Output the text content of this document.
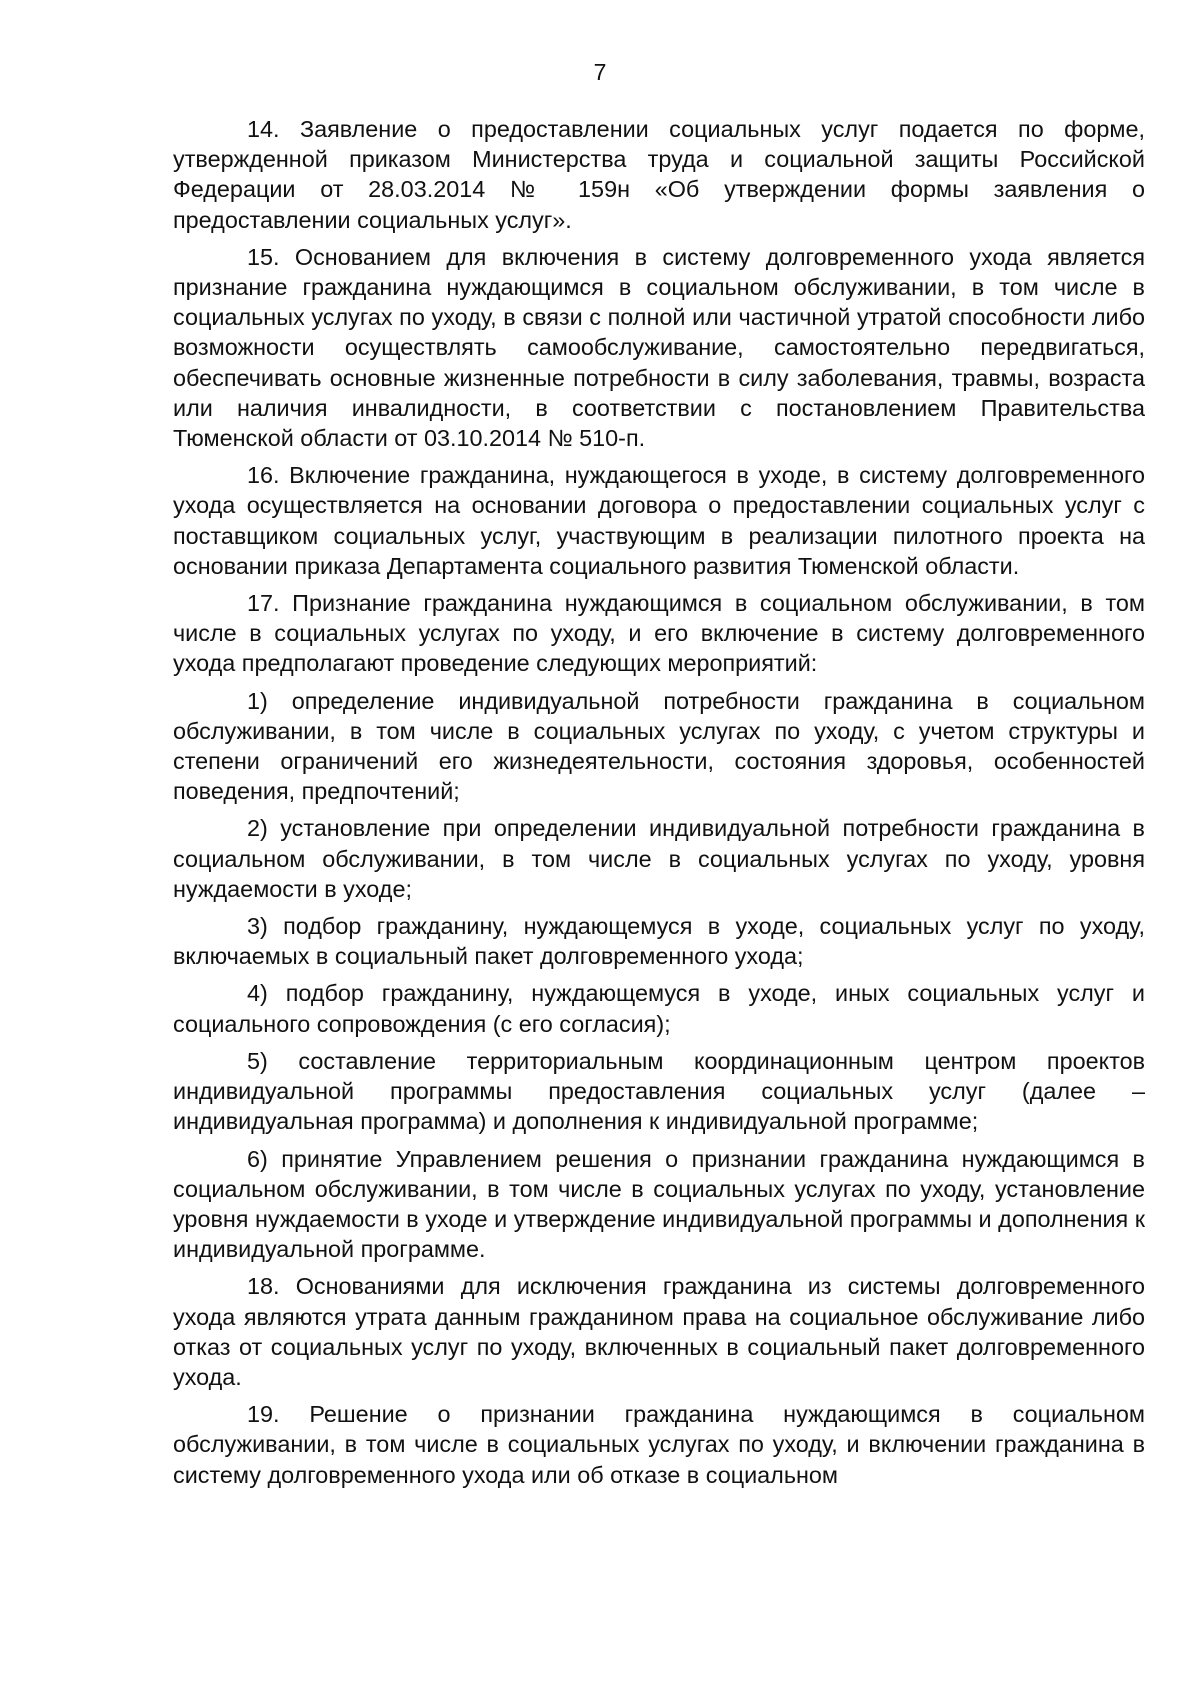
7

14. Заявление о предоставлении социальных услуг подается по форме, утвержденной приказом Министерства труда и социальной защиты Российской Федерации от 28.03.2014 № 159н «Об утверждении формы заявления о предоставлении социальных услуг».

15. Основанием для включения в систему долговременного ухода является признание гражданина нуждающимся в социальном обслуживании, в том числе в социальных услугах по уходу, в связи с полной или частичной утратой способности либо возможности осуществлять самообслуживание, самостоятельно передвигаться, обеспечивать основные жизненные потребности в силу заболевания, травмы, возраста или наличия инвалидности, в соответствии с постановлением Правительства Тюменской области от 03.10.2014 № 510-п.

16. Включение гражданина, нуждающегося в уходе, в систему долговременного ухода осуществляется на основании договора о предоставлении социальных услуг с поставщиком социальных услуг, участвующим в реализации пилотного проекта на основании приказа Департамента социального развития Тюменской области.

17. Признание гражданина нуждающимся в социальном обслуживании, в том числе в социальных услугах по уходу, и его включение в систему долговременного ухода предполагают проведение следующих мероприятий:

1) определение индивидуальной потребности гражданина в социальном обслуживании, в том числе в социальных услугах по уходу, с учетом структуры и степени ограничений его жизнедеятельности, состояния здоровья, особенностей поведения, предпочтений;

2) установление при определении индивидуальной потребности гражданина в социальном обслуживании, в том числе в социальных услугах по уходу, уровня нуждаемости в уходе;

3) подбор гражданину, нуждающемуся в уходе, социальных услуг по уходу, включаемых в социальный пакет долговременного ухода;

4) подбор гражданину, нуждающемуся в уходе, иных социальных услуг и социального сопровождения (с его согласия);

5) составление территориальным координационным центром проектов индивидуальной программы предоставления социальных услуг (далее – индивидуальная программа) и дополнения к индивидуальной программе;

6) принятие Управлением решения о признании гражданина нуждающимся в социальном обслуживании, в том числе в социальных услугах по уходу, установление уровня нуждаемости в уходе и утверждение индивидуальной программы и дополнения к индивидуальной программе.

18. Основаниями для исключения гражданина из системы долговременного ухода являются утрата данным гражданином права на социальное обслуживание либо отказ от социальных услуг по уходу, включенных в социальный пакет долговременного ухода.

19. Решение о признании гражданина нуждающимся в социальном обслуживании, в том числе в социальных услугах по уходу, и включении гражданина в систему долговременного ухода или об отказе в социальном
